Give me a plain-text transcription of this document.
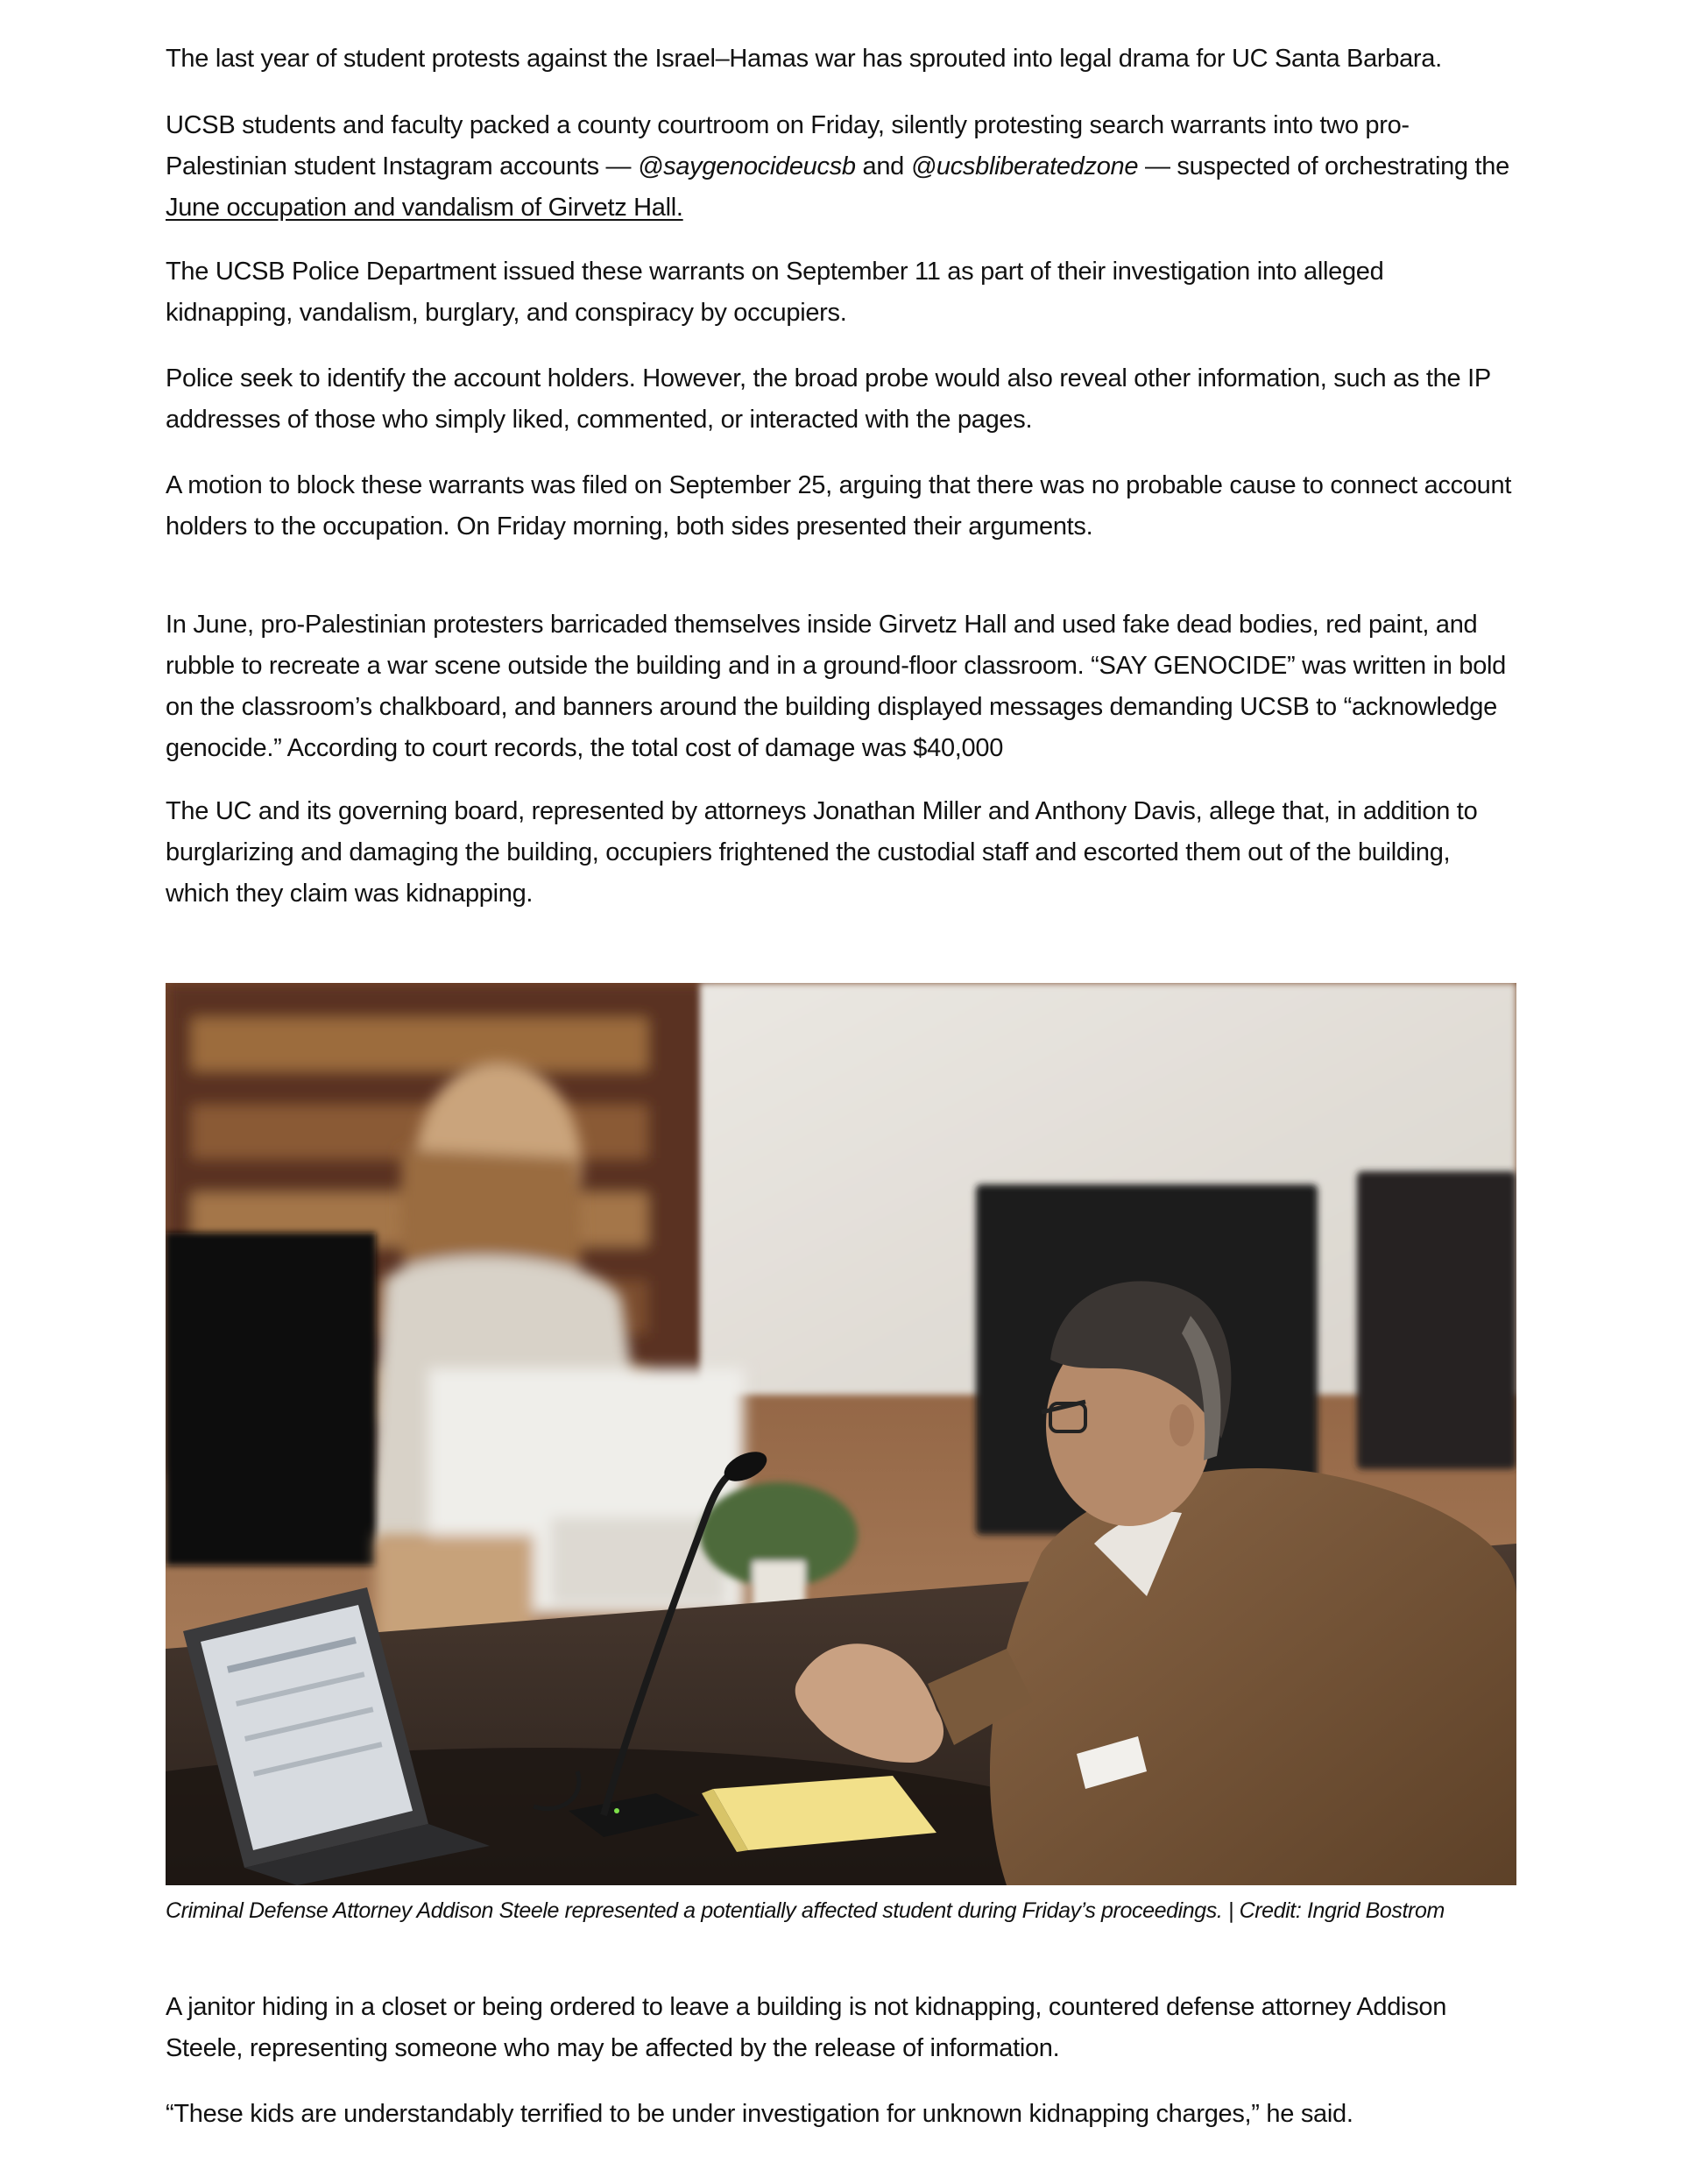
The last year of student protests against the Israel–Hamas war has sprouted into legal drama for UC Santa Barbara.

UCSB students and faculty packed a county courtroom on Friday, silently protesting search warrants into two pro-Palestinian student Instagram accounts — @saygenocideucsb and @ucsbliberatedzone — suspected of orchestrating the June occupation and vandalism of Girvetz Hall.

The UCSB Police Department issued these warrants on September 11 as part of their investigation into alleged kidnapping, vandalism, burglary, and conspiracy by occupiers.

Police seek to identify the account holders. However, the broad probe would also reveal other information, such as the IP addresses of those who simply liked, commented, or interacted with the pages.

A motion to block these warrants was filed on September 25, arguing that there was no probable cause to connect account holders to the occupation. On Friday morning, both sides presented their arguments.

In June, pro-Palestinian protesters barricaded themselves inside Girvetz Hall and used fake dead bodies, red paint, and rubble to recreate a war scene outside the building and in a ground-floor classroom. “SAY GENOCIDE” was written in bold on the classroom’s chalkboard, and banners around the building displayed messages demanding UCSB to “acknowledge genocide.” According to court records, the total cost of damage was $40,000

The UC and its governing board, represented by attorneys Jonathan Miller and Anthony Davis, allege that, in addition to burglarizing and damaging the building, occupiers frightened the custodial staff and escorted them out of the building, which they claim was kidnapping.

A janitor hiding in a closet or being ordered to leave a building is not kidnapping, countered defense attorney Addison Steele, representing someone who may be affected by the release of information.

“These kids are understandably terrified to be under investigation for unknown kidnapping charges,” he said.

Criminal Defense Attorney Addison Steele represented a potentially affected student during Friday’s proceedings. | Credit: Ingrid Bostrom
